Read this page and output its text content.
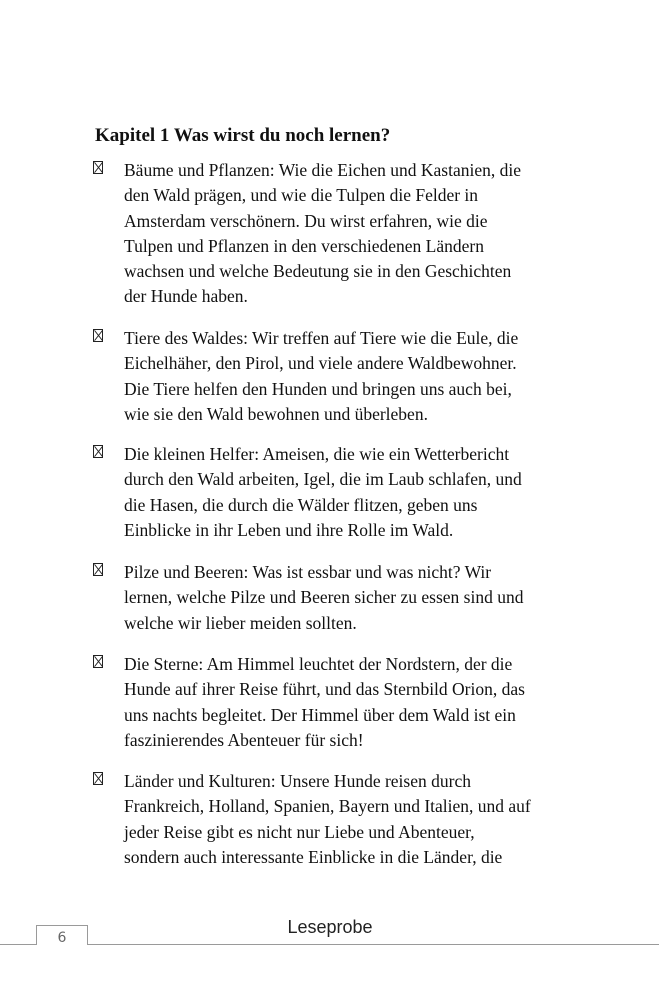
Kapitel 1 Was wirst du noch lernen?

Bäume und Pflanzen: Wie die Eichen und Kastanien, die
den Wald prägen, und wie die Tulpen die Felder in
Amsterdam verschönern. Du wirst erfahren, wie die
Tulpen und Pflanzen in den verschiedenen Ländern
wachsen und welche Bedeutung sie in den Geschichten
der Hunde haben.

Tiere des Waldes: Wir treffen auf Tiere wie die Eule, die
Eichelhäher, den Pirol, und viele andere Waldbewohner.
Die Tiere helfen den Hunden und bringen uns auch bei,
wie sie den Wald bewohnen und überleben.

Die kleinen Helfer: Ameisen, die wie ein Wetterbericht
durch den Wald arbeiten, Igel, die im Laub schlafen, und
die Hasen, die durch die Wälder flitzen, geben uns
Einblicke in ihr Leben und ihre Rolle im Wald.

Pilze und Beeren: Was ist essbar und was nicht? Wir
lernen, welche Pilze und Beeren sicher zu essen sind und
welche wir lieber meiden sollten.

Die Sterne: Am Himmel leuchtet der Nordstern, der die
Hunde auf ihrer Reise führt, und das Sternbild Orion, das
uns nachts begleitet. Der Himmel über dem Wald ist ein
faszinierendes Abenteuer für sich!

Länder und Kulturen: Unsere Hunde reisen durch
Frankreich, Holland, Spanien, Bayern und Italien, und auf
jeder Reise gibt es nicht nur Liebe und Abenteuer,
sondern auch interessante Einblicke in die Länder, die

6
Leseprobe
